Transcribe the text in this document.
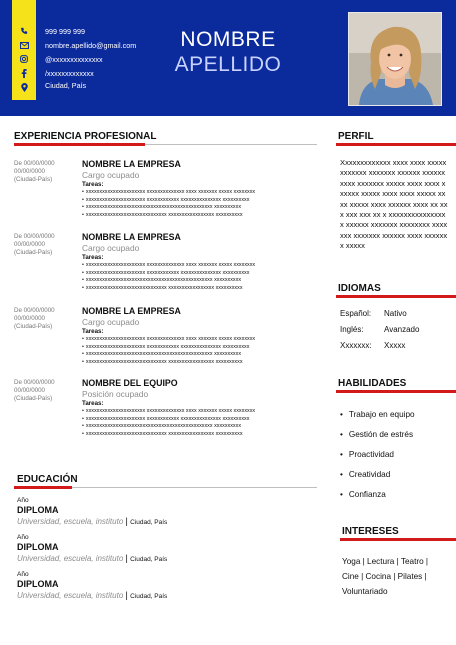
999 999 999
nombre.apellido@gmail.com
@xxxxxxxxxxxxxx
/xxxxxxxxxxxxx
Ciudad, País
NOMBRE
APELLIDO
EXPERIENCIA PROFESIONAL
De 00/00/0000
00/00/0000
(Ciudad-País)
NOMBRE LA EMPRESA
Cargo ocupado
Tareas:
• xxxxxxxxxxxxxxxxxxxxxx xxxxxxxxxxxxxx xxxx xxxxxxx xxxxx xxxxxxxx
• xxxxxxxxxxxxxxxxxxxxxx xxxxxxxxxxxx xxxxxxxxxxxxxxx xxxxxxxxxx
• xxxxxxxxxxxxxxxxxxxxxxxxxxxxxxxxxxxxxxxxxxxxxxx xxxxxxxxxx
• xxxxxxxxxxxxxxxxxxxxxxxxxxxxxx xxxxxxxxxxxxxxxxx xxxxxxxxxx
De 00/00/0000
00/00/0000
(Ciudad-País)
NOMBRE LA EMPRESA
Cargo ocupado
Tareas:
• xxxxxxxxxxxxxxxxxxxxxx xxxxxxxxxxxxxx xxxx xxxxxxx xxxxx xxxxxxxx
• xxxxxxxxxxxxxxxxxxxxxx xxxxxxxxxxxx xxxxxxxxxxxxxxx xxxxxxxxxx
• xxxxxxxxxxxxxxxxxxxxxxxxxxxxxxxxxxxxxxxxxxxxxxx xxxxxxxxxx
• xxxxxxxxxxxxxxxxxxxxxxxxxxxxxx xxxxxxxxxxxxxxxxx xxxxxxxxxx
De 00/00/0000
00/00/0000
(Ciudad-País)
NOMBRE LA EMPRESA
Cargo ocupado
Tareas:
• xxxxxxxxxxxxxxxxxxxxxx xxxxxxxxxxxxxx xxxx xxxxxxx xxxxx xxxxxxxx
• xxxxxxxxxxxxxxxxxxxxxx xxxxxxxxxxxx xxxxxxxxxxxxxxx xxxxxxxxxx
• xxxxxxxxxxxxxxxxxxxxxxxxxxxxxxxxxxxxxxxxxxxxxxx xxxxxxxxxx
• xxxxxxxxxxxxxxxxxxxxxxxxxxxxxx xxxxxxxxxxxxxxxxx xxxxxxxxxx
De 00/00/0000
00/00/0000
(Ciudad-País)
NOMBRE DEL EQUIPO
Posición ocupado
Tareas:
• xxxxxxxxxxxxxxxxxxxxxx xxxxxxxxxxxxxx xxxx xxxxxxx xxxxx xxxxxxxx
• xxxxxxxxxxxxxxxxxxxxxx xxxxxxxxxxxx xxxxxxxxxxxxxxx xxxxxxxxxx
• xxxxxxxxxxxxxxxxxxxxxxxxxxxxxxxxxxxxxxxxxxxxxxx xxxxxxxxxx
• xxxxxxxxxxxxxxxxxxxxxxxxxxxxxx xxxxxxxxxxxxxxxxx xxxxxxxxxx
EDUCACIÓN
Año
DIPLOMA
Universidad, escuela, instituto | Ciudad, País
Año
DIPLOMA
Universidad, escuela, instituto | Ciudad, País
Año
DIPLOMA
Universidad, escuela, instituto | Ciudad, País
PERFIL
Xxxxxxxxxxxxx xxxx xxxx xxxxx xxxxxxx xxxxxxx xxxxxx xxxxxx xxxx xxxxxxx xxxxx xxxx xxxx xxxxxx xxxxx xxxx xxxx xxxxx xxxx xxxxx xxxx xxxxxx xxxx xx xxx xxx xxx xx x xxxxxxxxxxxxxxxx xxxxxx xxxxxxx xxxxxxxx xxxxxxx xxxxxxx xxxxxx xxxx xxxxxxx xxxxx
IDIOMAS
Español: Nativo
Inglés:	Avanzado
Xxxxxxx: Xxxxx
HABILIDADES
• Trabajo en equipo
• Gestión de estrés
• Proactividad
• Creatividad
• Confianza
INTERESES
Yoga | Lectura | Teatro | Cine | Cocina | Pilates | Voluntariado
